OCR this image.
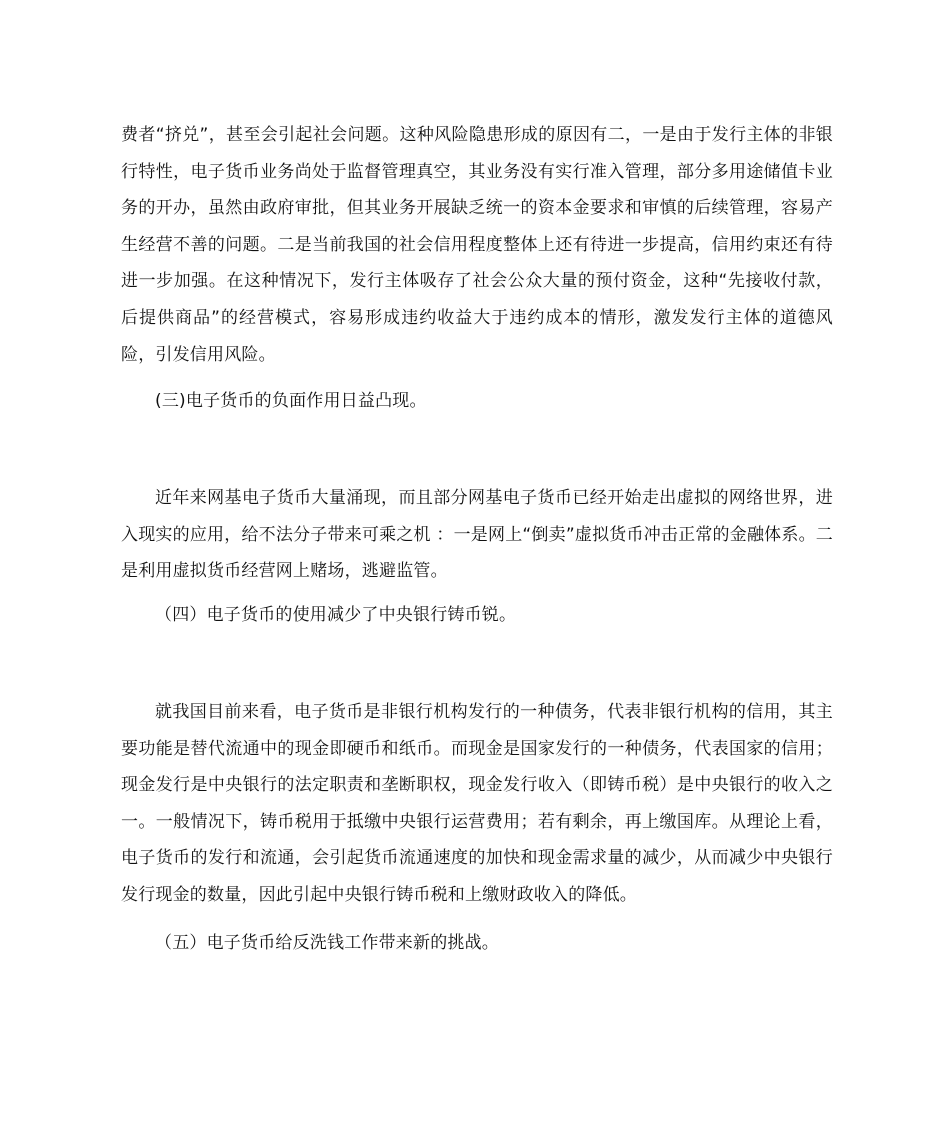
费者“挤兑”，甚至会引起社会问题。这种风险隐患形成的原因有二，一是由于发行主体的非银行特性，电子货币业务尚处于监督管理真空，其业务没有实行准入管理，部分多用途储值卡业务的开办，虽然由政府审批，但其业务开展缺乏统一的资本金要求和审慎的后续管理，容易产生经营不善的问题。二是当前我国的社会信用程度整体上还有待进一步提高，信用约束还有待进一步加强。在这种情况下，发行主体吸存了社会公众大量的预付资金，这种“先接收付款，后提供商品”的经营模式，容易形成违约收益大于违约成本的情形，激发发行主体的道德风险，引发信用风险。

(三)电子货币的负面作用日益凸现。

近年来网基电子货币大量涌现，而且部分网基电子货币已经开始走出虚拟的网络世界，进入现实的应用，给不法分子带来可乘之机 ：一是网上“倒卖”虚拟货币冲击正常的金融体系。二是利用虚拟货币经营网上赌场，逃避监管。

（四）电子货币的使用减少了中央银行铸币锐。

就我国目前来看，电子货币是非银行机构发行的一种债务，代表非银行机构的信用，其主要功能是替代流通中的现金即硬币和纸币。而现金是国家发行的一种债务，代表国家的信用；现金发行是中央银行的法定职责和垄断职权，现金发行收入（即铸币税）是中央银行的收入之一。一般情况下，铸币税用于抵缴中央银行运营费用；若有剩余，再上缴国库。从理论上看，电子货币的发行和流通，会引起货币流通速度的加快和现金需求量的减少，从而减少中央银行发行现金的数量，因此引起中央银行铸币税和上缴财政收入的降低。

（五）电子货币给反洗钱工作带来新的挑战。
